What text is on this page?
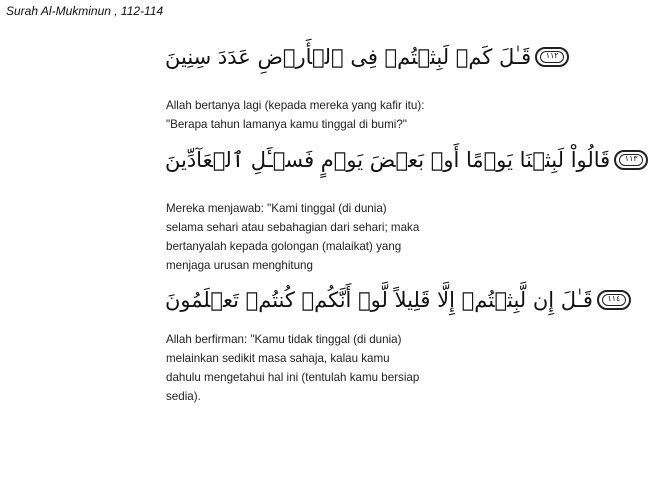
Surah Al-Mukminun , 112-114
١١٢
قَـٰلَ كَمۡ لَبِثۡتُمۡ فِى ٱلۡأَرۡضِ عَدَدَ سِنِينَ

Allah bertanya lagi (kepada mereka yang kafir itu):

"Berapa tahun lamanya kamu tinggal di bumi?"

١١٣
قَالُواْ لَبِثۡنَا يَوۡمًا أَوۡ بَعۡضَ يَوۡمٍ فَسۡـَٔلِ ٱلۡعَآدِّينَ

Mereka menjawab: "Kami tinggal (di dunia)

selama sehari atau sebahagian dari sehari; maka

bertanyalah kepada golongan (malaikat) yang

menjaga urusan menghitung

١١٤
قَـٰلَ إِن لَّبِثۡتُمۡ إِلَّا قَلِيلاً لَّوۡ أَنَّكُمۡ كُنتُمۡ تَعۡلَمُونَ

Allah berfirman: "Kamu tidak tinggal (di dunia)

melainkan sedikit masa sahaja, kalau kamu

dahulu mengetahui hal ini (tentulah kamu bersiap

sedia).
